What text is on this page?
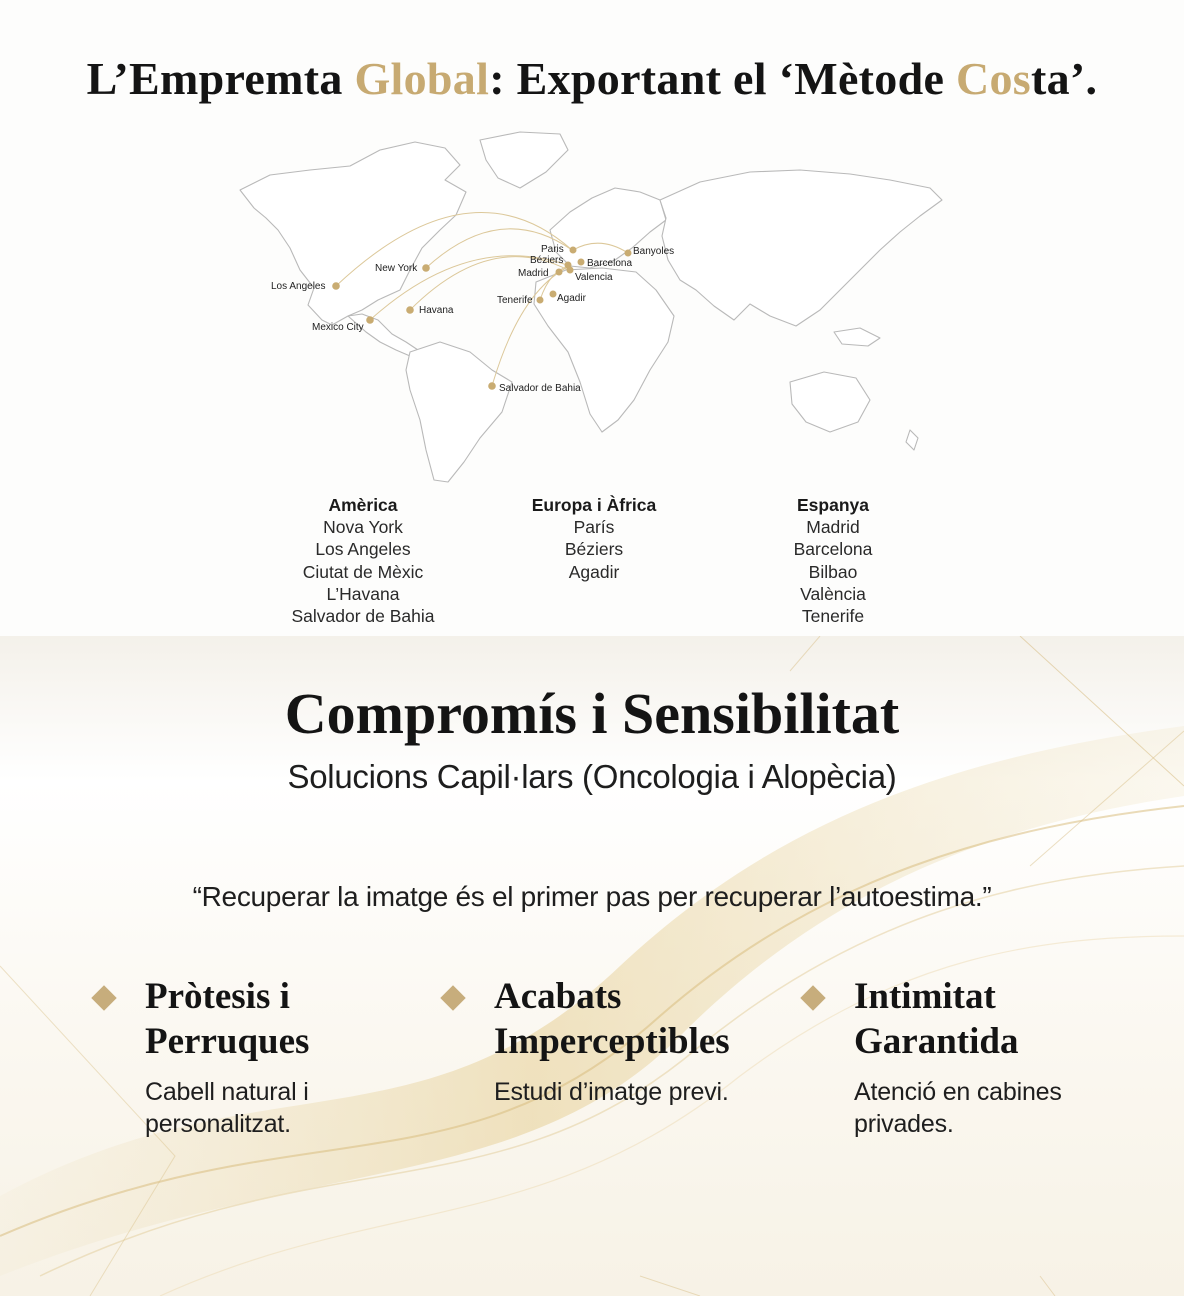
L’Empremta Global: Exportant el ‘Mètode Costa’.
Los Angeles
New York
Mexico City
Havana
Salvador de Bahia
Paris
Béziers
Madrid
Barcelona
Valencia
Banyoles
Tenerife Agadir
Amèrica
Nova York
Los Angeles
Ciutat de Mèxic
L’Havana
Salvador de Bahia
Europa i Àfrica
París
Béziers
Agadir
Espanya
Madrid
Barcelona
Bilbao
València
Tenerife
Compromís i Sensibilitat

Solucions Capil·lars (Oncologia i Alopècia)

“Recuperar la imatge és el primer pas per recuperar l’autoestima.”

Pròtesis i
Perruques

Cabell natural i
personalitzat.

Acabats
Imperceptibles

Estudi d’imatge previ.

Intimitat
Garantida

Atenció en cabines
privades.
